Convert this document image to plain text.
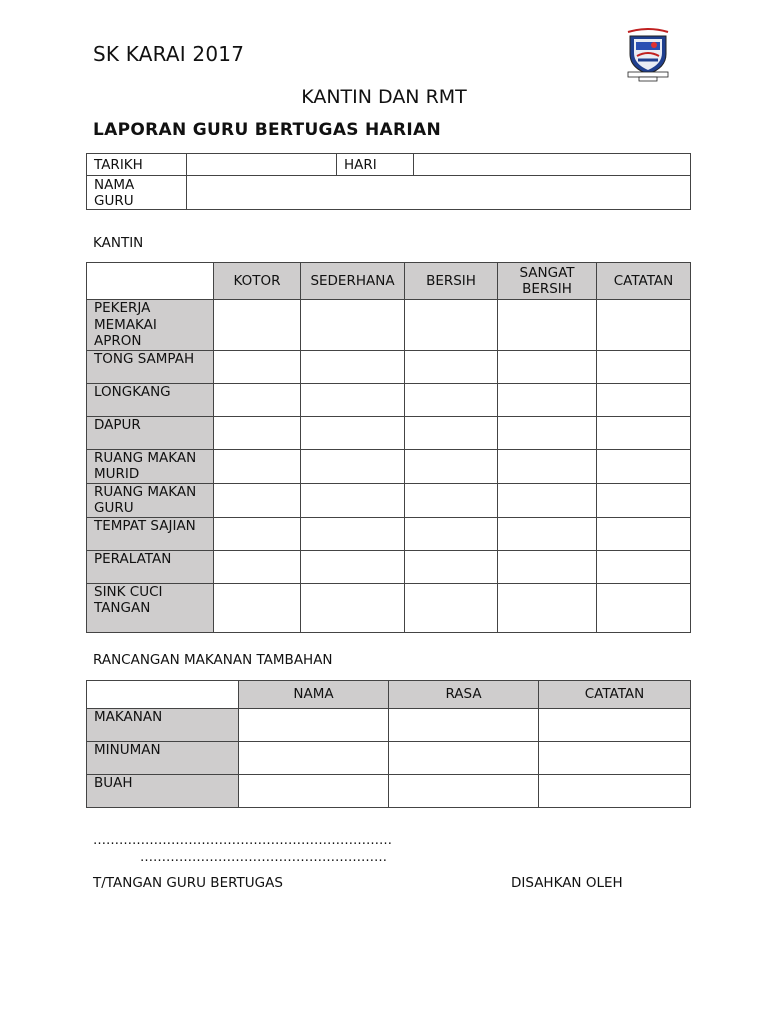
SK KARAI 2017
KANTIN DAN RMT
LAPORAN GURU BERTUGAS HARIAN
TARIKH		HARI	

NAMA
GURU			

KANTIN
	KOTOR	SEDERHANA	BERSIH	SANGAT BERSIH	CATATAN

PEKERJA
MEMAKAI
APRON					

TONG SAMPAH					

LONGKANG					

DAPUR					

RUANG MAKAN
MURID					

RUANG MAKAN
GURU					

TEMPAT SAJIAN					

PERALATAN					

SINK CUCI
TANGAN					

RANCANGAN MAKANAN TAMBAHAN
	NAMA	RASA	CATATAN
MAKANAN			
MINUMAN			
BUAH			
……………………………………………………………
…………………………………………………
T/TANGAN GURU BERTUGAS	DISAHKAN OLEH
